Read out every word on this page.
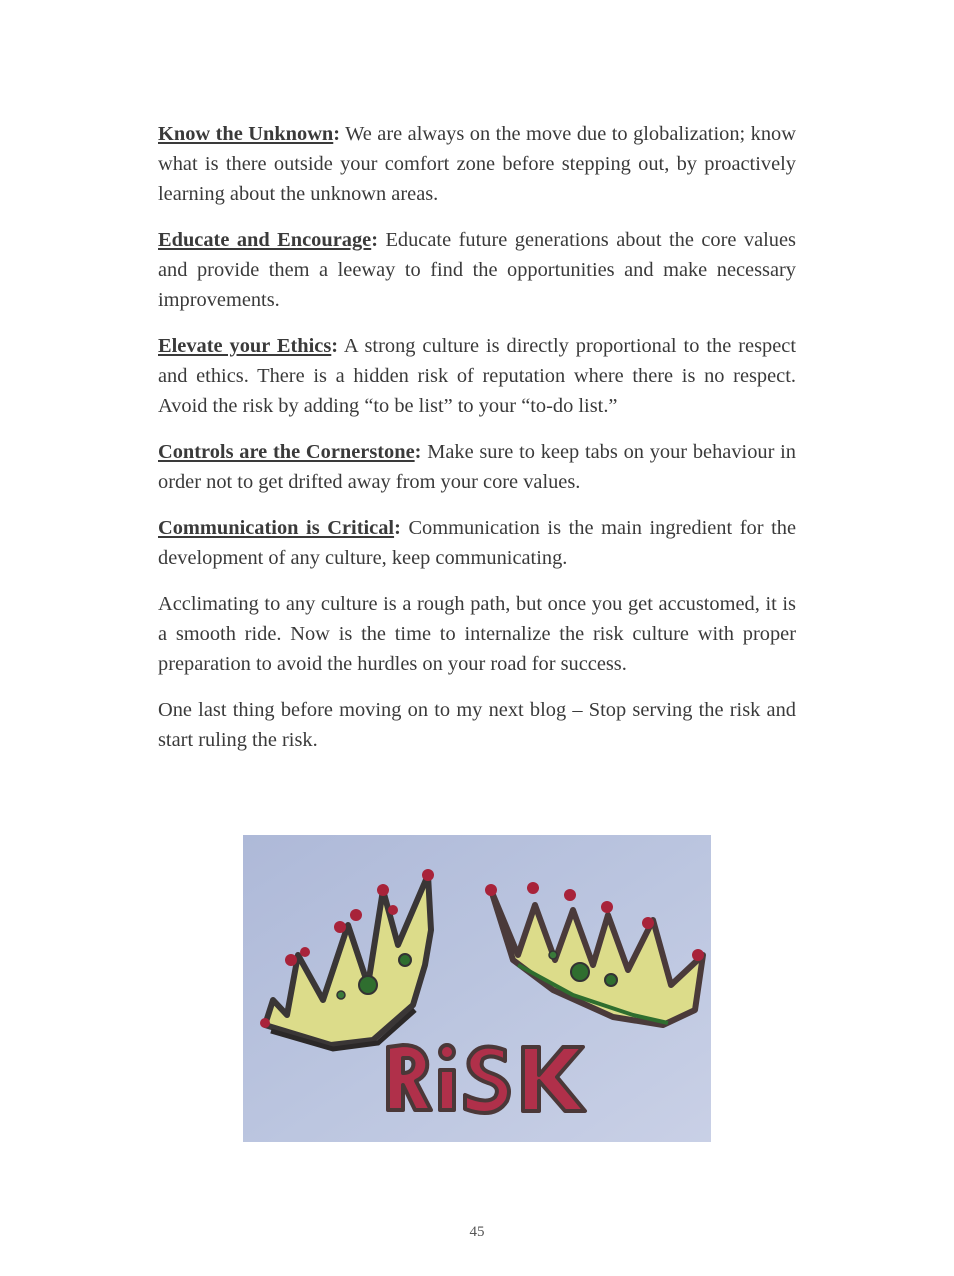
Know the Unknown: We are always on the move due to globalization; know what is there outside your comfort zone before stepping out, by proactively learning about the unknown areas.

Educate and Encourage: Educate future generations about the core values and provide them a leeway to find the opportunities and make necessary improvements.

Elevate your Ethics: A strong culture is directly proportional to the respect and ethics. There is a hidden risk of reputation where there is no respect. Avoid the risk by adding “to be list” to your “to-do list.”

Controls are the Cornerstone: Make sure to keep tabs on your behaviour in order not to get drifted away from your core values.

Communication is Critical: Communication is the main ingredient for the development of any culture, keep communicating.

Acclimating to any culture is a rough path, but once you get accustomed, it is a smooth ride. Now is the time to internalize the risk culture with proper preparation to avoid the hurdles on your road for success.

One last thing before moving on to my next blog – Stop serving the risk and start ruling the risk.

45
